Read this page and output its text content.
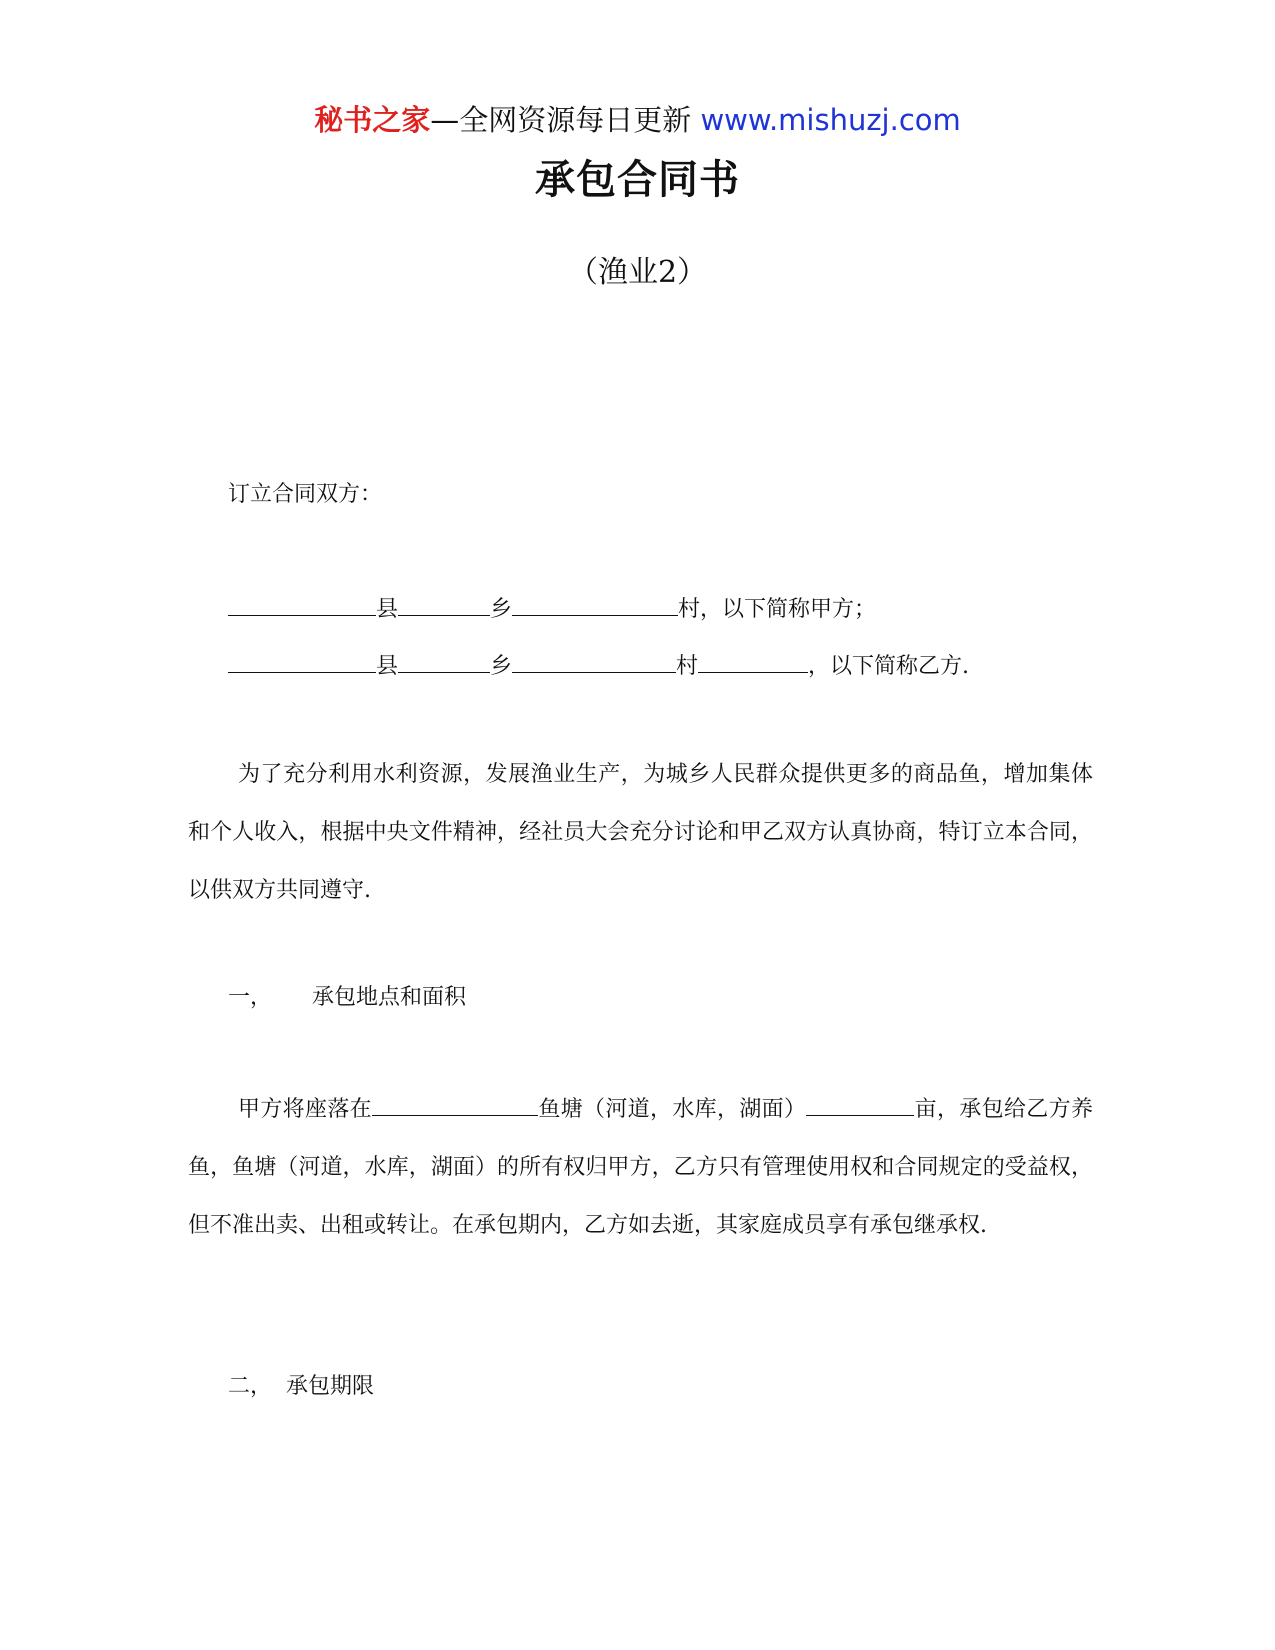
秘书之家—全网资源每日更新 www.mishuzj.com
承包合同书
（渔业2）
订立合同双方：
县	乡	村，以下简称甲方；
县	乡	村	，以下简称乙方.
为了充分利用水利资源，发展渔业生产，为城乡人民群众提供更多的商品鱼，增加集体和个人收入，根据中央文件精神，经社员大会充分讨论和甲乙双方认真协商，特订立本合同，以供双方共同遵守.
一， 承包地点和面积
甲方将座落在	鱼塘（河道，水库，湖面）	亩，承包给乙方养鱼，鱼塘（河道，水库，湖面）的所有权归甲方，乙方只有管理使用权和合同规定的受益权，但不准出卖、出租或转让。在承包期内，乙方如去逝，其家庭成员享有承包继承权.
二， 承包期限
